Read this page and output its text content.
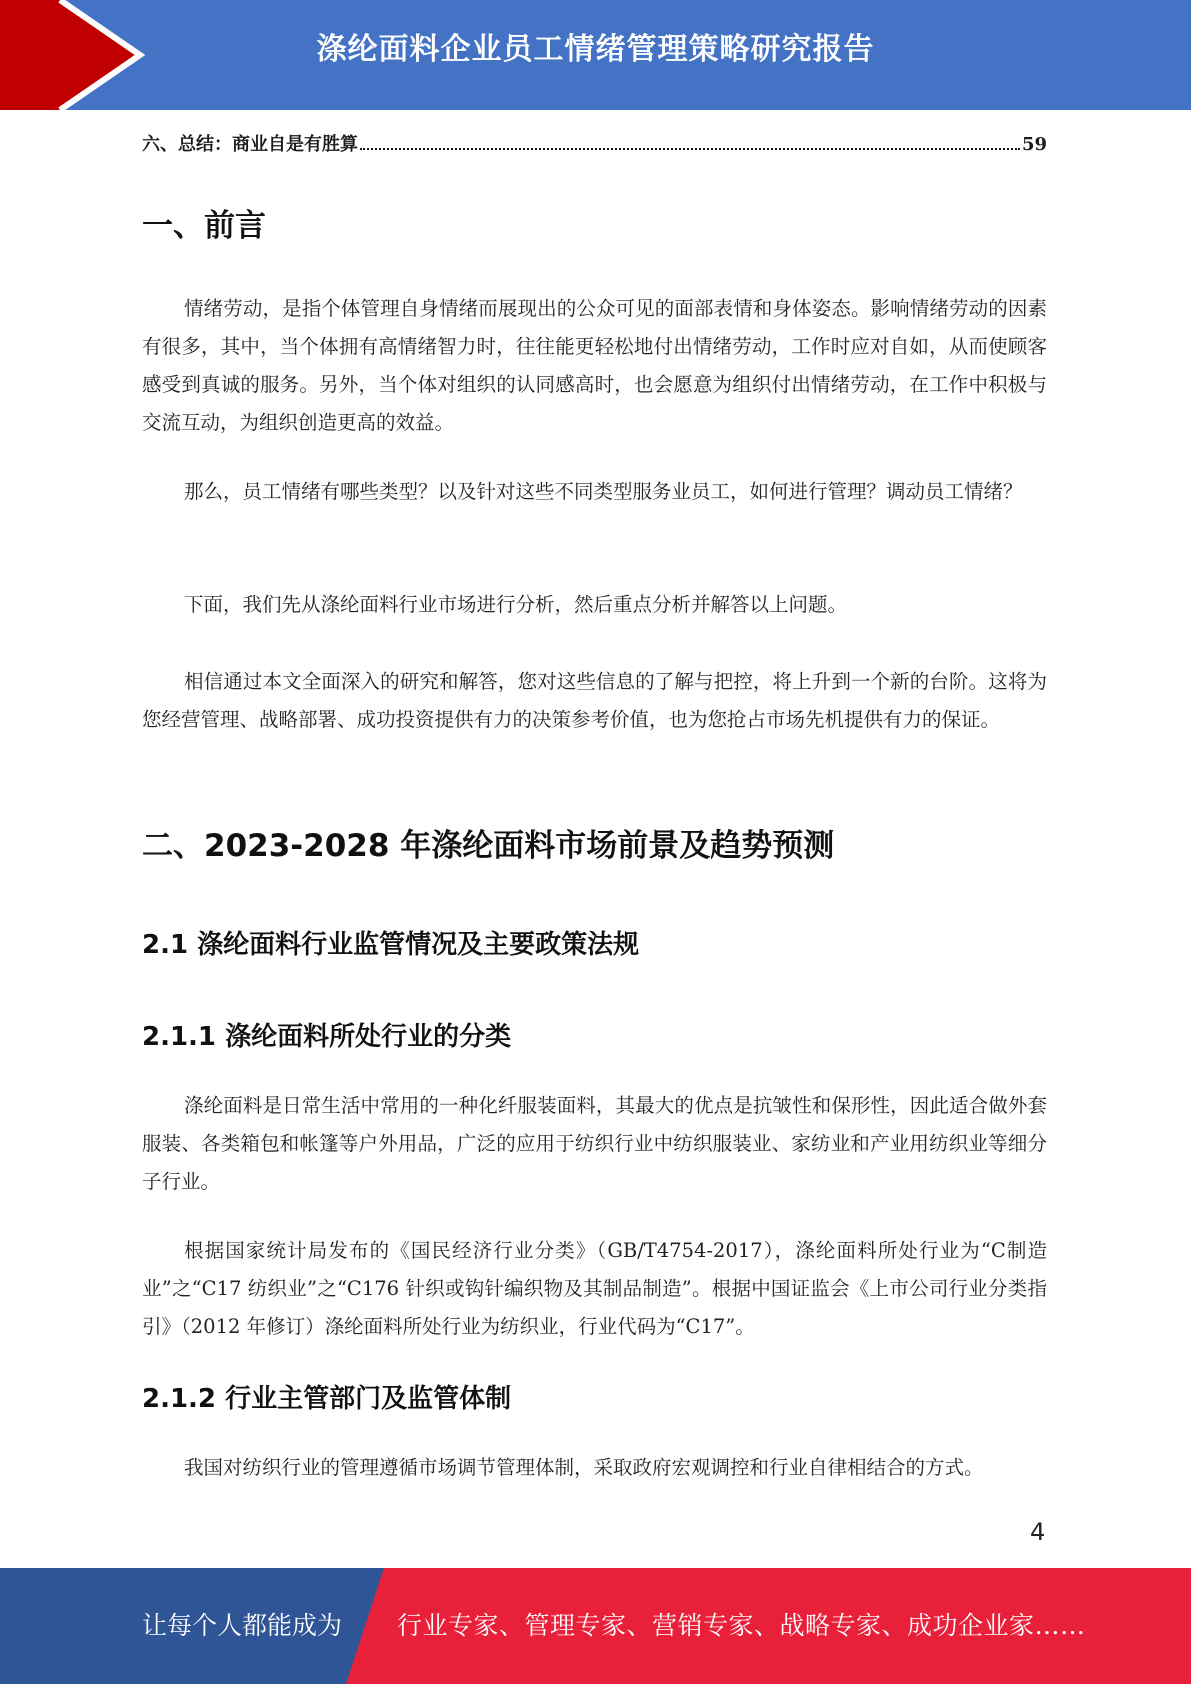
涤纶面料企业员工情绪管理策略研究报告
六、总结：商业自是有胜算	59
一、前言

情绪劳动，是指个体管理自身情绪而展现出的公众可见的面部表情和身体姿态。影响情绪劳动的因素有很多，其中，当个体拥有高情绪智力时，往往能更轻松地付出情绪劳动，工作时应对自如，从而使顾客感受到真诚的服务。另外，当个体对组织的认同感高时，也会愿意为组织付出情绪劳动，在工作中积极与交流互动，为组织创造更高的效益。

那么，员工情绪有哪些类型？以及针对这些不同类型服务业员工，如何进行管理？调动员工情绪？

下面，我们先从涤纶面料行业市场进行分析，然后重点分析并解答以上问题。

相信通过本文全面深入的研究和解答，您对这些信息的了解与把控，将上升到一个新的台阶。这将为您经营管理、战略部署、成功投资提供有力的决策参考价值，也为您抢占市场先机提供有力的保证。

二、2023-2028 年涤纶面料市场前景及趋势预测
2.1 涤纶面料行业监管情况及主要政策法规
2.1.1 涤纶面料所处行业的分类

涤纶面料是日常生活中常用的一种化纤服装面料，其最大的优点是抗皱性和保形性，因此适合做外套服装、各类箱包和帐篷等户外用品，广泛的应用于纺织行业中纺织服装业、家纺业和产业用纺织业等细分子行业。

根据国家统计局发布的《国民经济行业分类》（GB/T4754-2017），涤纶面料所处行业为“C制造业”之“C17 纺织业”之“C176 针织或钩针编织物及其制品制造”。根据中国证监会《上市公司行业分类指引》（2012 年修订）涤纶面料所处行业为纺织业，行业代码为“C17”。

2.1.2 行业主管部门及监管体制

我国对纺织行业的管理遵循市场调节管理体制，采取政府宏观调控和行业自律相结合的方式。

4
让每个人都能成为 行业专家、管理专家、营销专家、战略专家、成功企业家……
